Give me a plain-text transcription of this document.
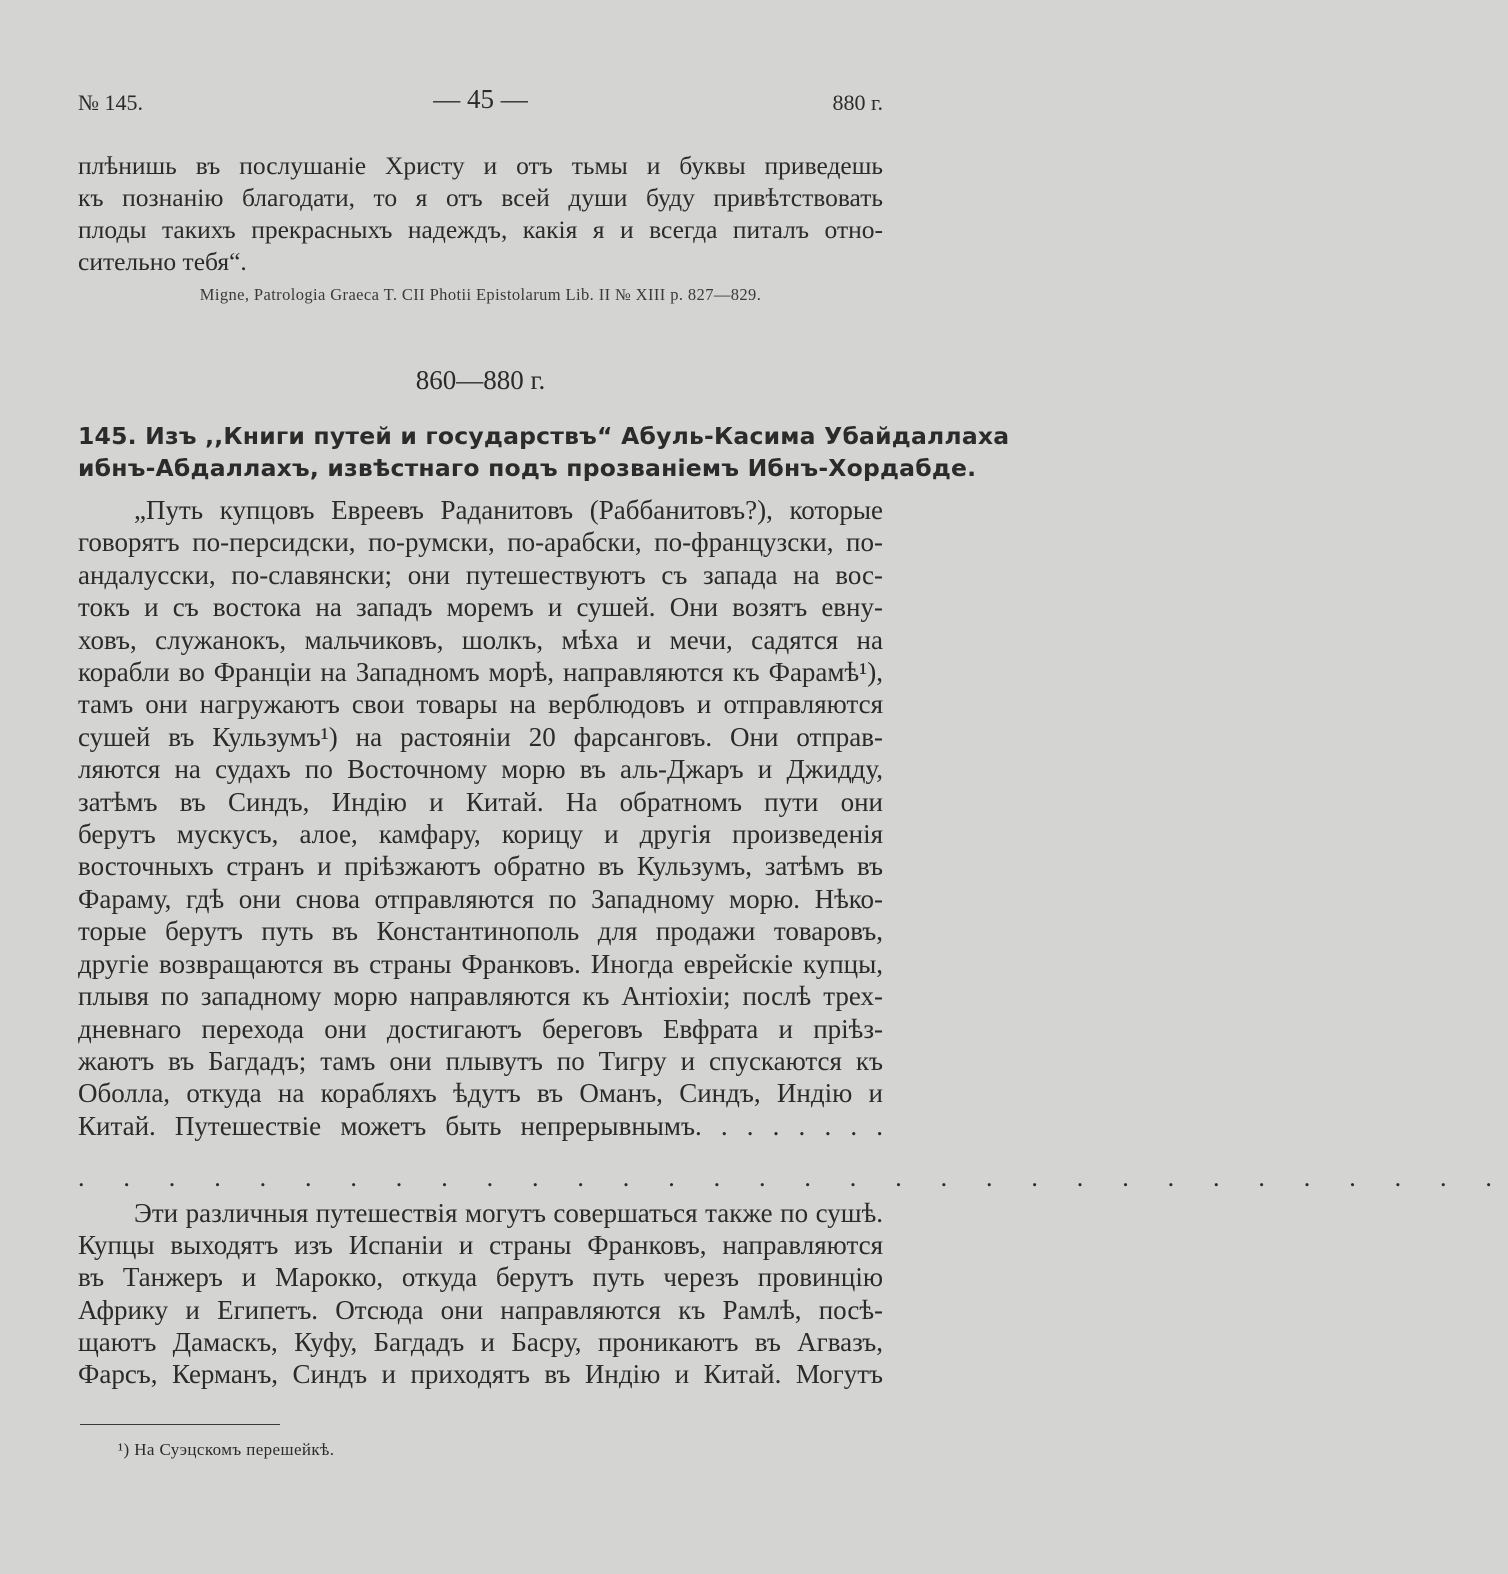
№ 145.	— 45 —	880 г.
плѣнишь въ послушаніе Христу и отъ тьмы и буквы приведешь
къ познанію благодати, то я отъ всей души буду привѣтствовать
плоды такихъ прекрасныхъ надеждъ, какія я и всегда питалъ отно-
сительно тебя“.
Migne, Patrologia Graeca T. CII Photii Epistolarum Lib. II № XIII p. 827—829.
860—880 г.
145. Изъ ,,Книги путей и государствъ“ Абуль-Касима Убайдаллаха
ибнъ-Абдаллахъ, извѣстнаго подъ прозваніемъ Ибнъ-Хордабде.
„Путь купцовъ Евреевъ Раданитовъ (Раббанитовъ?), которые
говорятъ по-персидски, по-румски, по-арабски, по-французски, по-
андалусски, по-славянски; они путешествуютъ съ запада на вос-
токъ и съ востока на западъ моремъ и сушей. Они возятъ евну-
ховъ, служанокъ, мальчиковъ, шолкъ, мѣха и мечи, садятся на
корабли во Франціи на Западномъ морѣ, направляются къ Фарамѣ¹),
тамъ они нагружаютъ свои товары на верблюдовъ и отправляются
сушей въ Кульзумъ¹) на растояніи 20 фарсанговъ. Они отправ-
ляются на судахъ по Восточному морю въ аль-Джаръ и Джидду,
затѣмъ въ Синдъ, Индію и Китай. На обратномъ пути они
берутъ мускусъ, алое, камфару, корицу и другія произведенія
восточныхъ странъ и пріѣзжаютъ обратно въ Кульзумъ, затѣмъ въ
Фараму, гдѣ они снова отправляются по Западному морю. Нѣко-
торые берутъ путь въ Константинополь для продажи товаровъ,
другіе возвращаются въ страны Франковъ. Иногда еврейскіе купцы,
плывя по западному морю направляются къ Антіохіи; послѣ трех-
дневнаго перехода они достигаютъ береговъ Евфрата и пріѣз-
жаютъ въ Багдадъ; тамъ они плывутъ по Тигру и спускаются къ
Оболла, откуда на корабляхъ ѣдутъ въ Оманъ, Синдъ, Индію и
Китай. Путешествіе можетъ быть непрерывнымъ. . . . . . . .
. . . . . . . . . . . . . . . . . . . . . . . . . . . . . . . .
Эти различныя путешествія могутъ совершаться также по сушѣ.
Купцы выходятъ изъ Испаніи и страны Франковъ, направляются
въ Танжеръ и Марокко, откуда берутъ путь черезъ провинцію
Африку и Египетъ. Отсюда они направляются къ Рамлѣ, посѣ-
щаютъ Дамаскъ, Куфу, Багдадъ и Басру, проникаютъ въ Агвазъ,
Фарсъ, Керманъ, Синдъ и приходятъ въ Индію и Китай. Могутъ
¹) На Суэцскомъ перешейкѣ.
